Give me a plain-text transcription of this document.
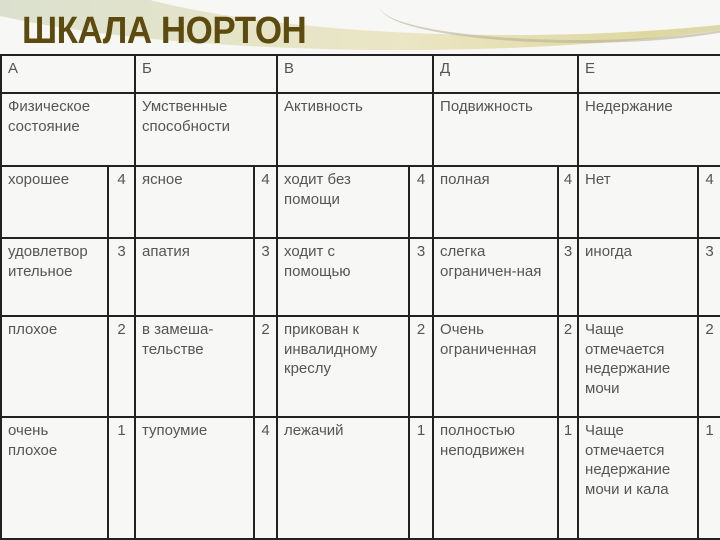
ШКАЛА НОРТОН
А		Б		В		Д		Е	
Физическое состояние		Умственные способности		Активность		Подвижность		Недержание	
хорошее	4	ясное	4	ходит без помощи	4	полная	4	Нет	4
удовлетвор ительное	3	апатия	3	ходит с помощью	3	слегка ограничен-ная	3	иногда	3
плохое	2	в замеша-тельстве	2	прикован к инвалидному креслу	2	Очень ограниченная	2	Чаще отмечается недержание мочи	2
очень плохое	1	тупоумие	4	лежачий	1	полностью неподвижен	1	Чаще отмечается недержание мочи и кала	1
